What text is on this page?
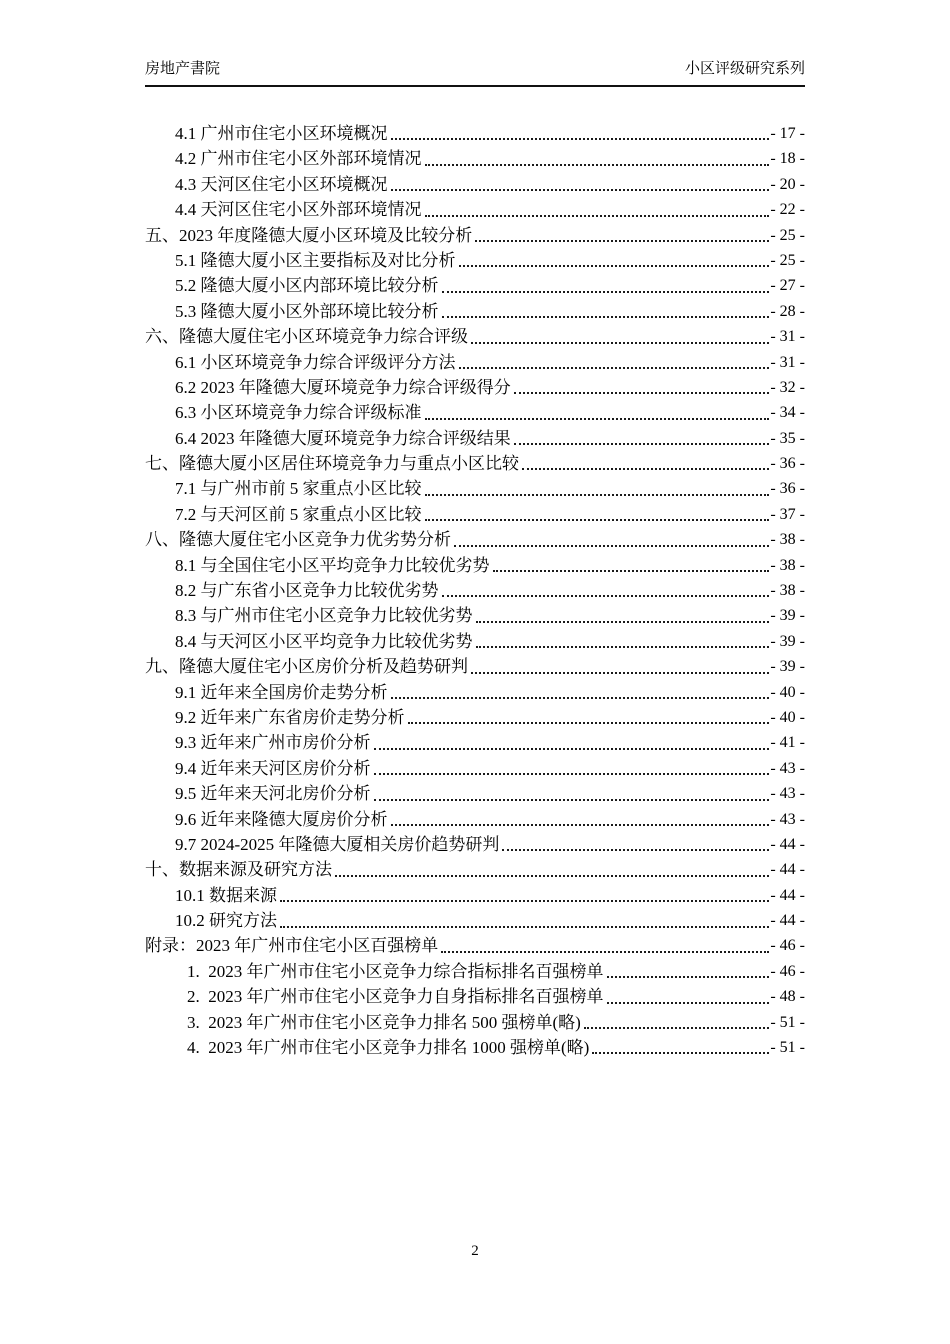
房地产書院	小区评级研究系列
4.1 广州市住宅小区环境概况	- 17 -
4.2 广州市住宅小区外部环境情况	- 18 -
4.3 天河区住宅小区环境概况	- 20 -
4.4 天河区住宅小区外部环境情况	- 22 -
五、2023 年度隆德大厦小区环境及比较分析	- 25 -
5.1 隆德大厦小区主要指标及对比分析	- 25 -
5.2 隆德大厦小区内部环境比较分析	- 27 -
5.3 隆德大厦小区外部环境比较分析	- 28 -
六、隆德大厦住宅小区环境竞争力综合评级	- 31 -
6.1 小区环境竞争力综合评级评分方法	- 31 -
6.2 2023 年隆德大厦环境竞争力综合评级得分	- 32 -
6.3 小区环境竞争力综合评级标准	- 34 -
6.4 2023 年隆德大厦环境竞争力综合评级结果	- 35 -
七、隆德大厦小区居住环境竞争力与重点小区比较	- 36 -
7.1 与广州市前 5 家重点小区比较	- 36 -
7.2 与天河区前 5 家重点小区比较	- 37 -
八、隆德大厦住宅小区竞争力优劣势分析	- 38 -
8.1 与全国住宅小区平均竞争力比较优劣势	- 38 -
8.2 与广东省小区竞争力比较优劣势	- 38 -
8.3 与广州市住宅小区竞争力比较优劣势	- 39 -
8.4 与天河区小区平均竞争力比较优劣势	- 39 -
九、隆德大厦住宅小区房价分析及趋势研判	- 39 -
9.1 近年来全国房价走势分析	- 40 -
9.2 近年来广东省房价走势分析	- 40 -
9.3 近年来广州市房价分析	- 41 -
9.4 近年来天河区房价分析	- 43 -
9.5 近年来天河北房价分析	- 43 -
9.6 近年来隆德大厦房价分析	- 43 -
9.7 2024-2025 年隆德大厦相关房价趋势研判	- 44 -
十、数据来源及研究方法	- 44 -
10.1 数据来源	- 44 -
10.2 研究方法	- 44 -
附录：2023 年广州市住宅小区百强榜单	- 46 -
1.  2023 年广州市住宅小区竞争力综合指标排名百强榜单	- 46 -
2.  2023 年广州市住宅小区竞争力自身指标排名百强榜单	- 48 -
3.  2023 年广州市住宅小区竞争力排名 500 强榜单(略)	- 51 -
4.  2023 年广州市住宅小区竞争力排名 1000 强榜单(略)	- 51 -
2
